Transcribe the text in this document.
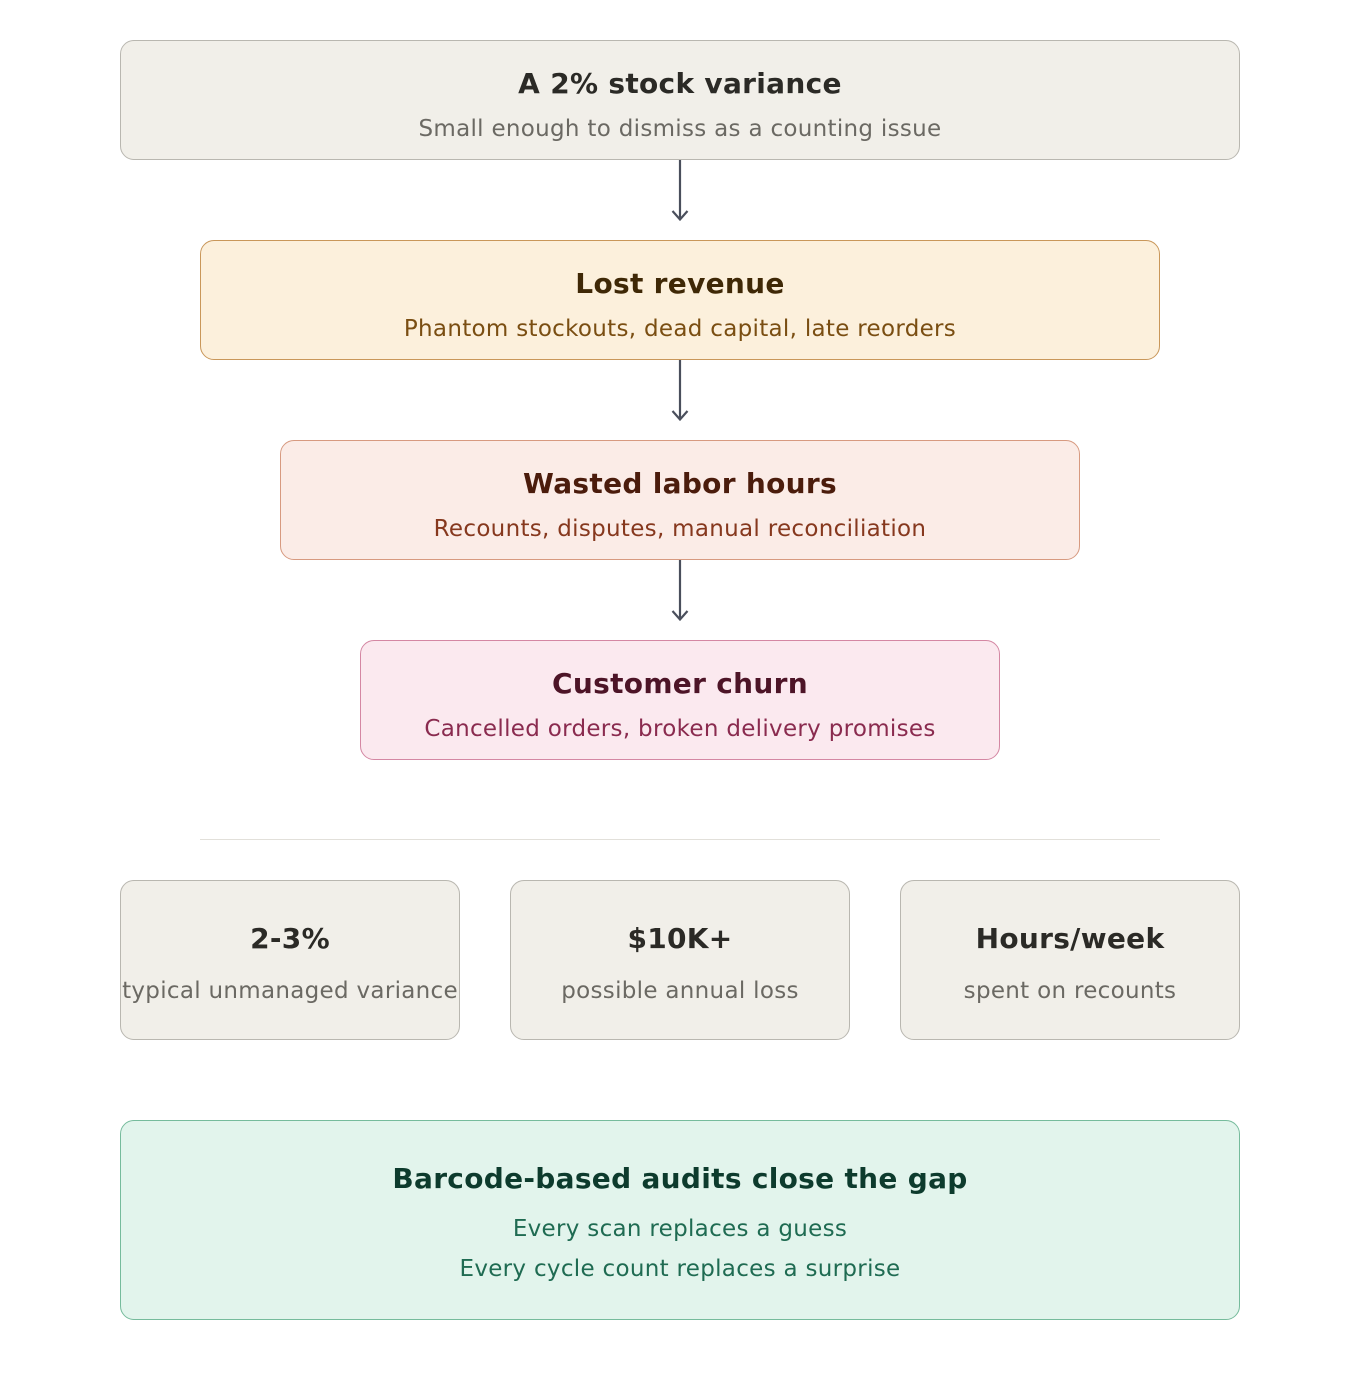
A 2% stock variance
Small enough to dismiss as a counting issue
Lost revenue
Phantom stockouts, dead capital, late reorders
Wasted labor hours
Recounts, disputes, manual reconciliation
Customer churn
Cancelled orders, broken delivery promises
2-3%
typical unmanaged variance
$10K+
possible annual loss
Hours/week
spent on recounts
Barcode-based audits close the gap
Every scan replaces a guess
Every cycle count replaces a surprise
